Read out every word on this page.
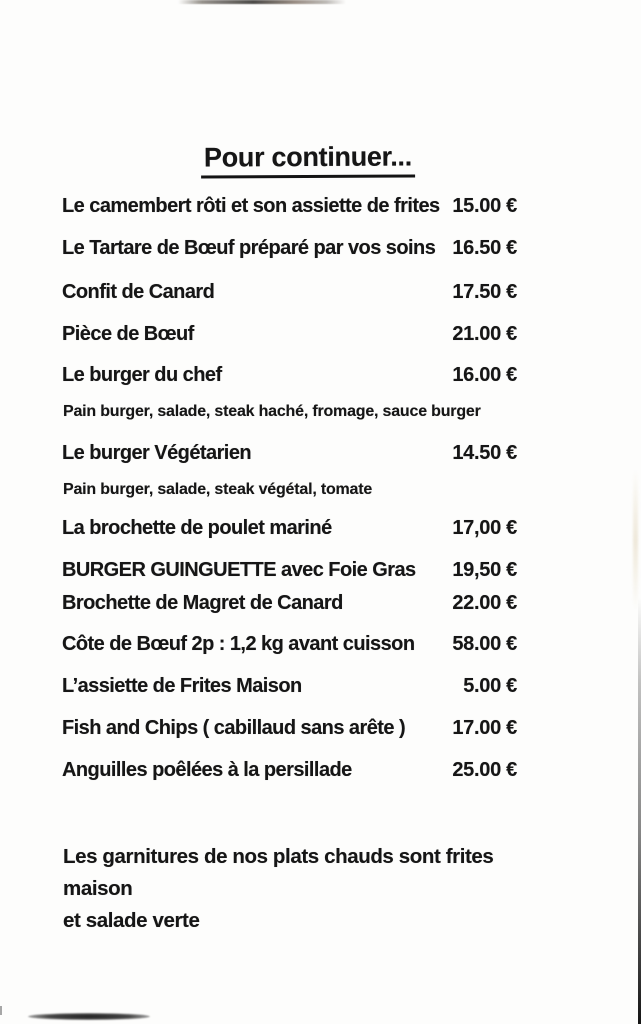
Pour continuer...
Le camembert rôti et son assiette de frites 15.00 €
Le Tartare de Bœuf préparé par vos soins 16.50 €
Confit de Canard	17.50 €
Pièce de Bœuf	21.00 €
Le burger du chef	16.00 €
Pain burger, salade, steak haché, fromage, sauce burger
Le burger Végétarien	14.50 €
Pain burger, salade, steak végétal, tomate
La brochette de poulet mariné	17,00 €
BURGER GUINGUETTE avec Foie Gras 19,50 €
Brochette de Magret de Canard	22.00 €
Côte de Bœuf 2p : 1,2 kg avant cuisson 58.00 €
L’assiette de Frites Maison	5.00 €
Fish and Chips ( cabillaud sans arête ) 17.00 €
Anguilles poêlées à la persillade	25.00 €
Les garnitures de nos plats chauds sont frites maison
et salade verte
